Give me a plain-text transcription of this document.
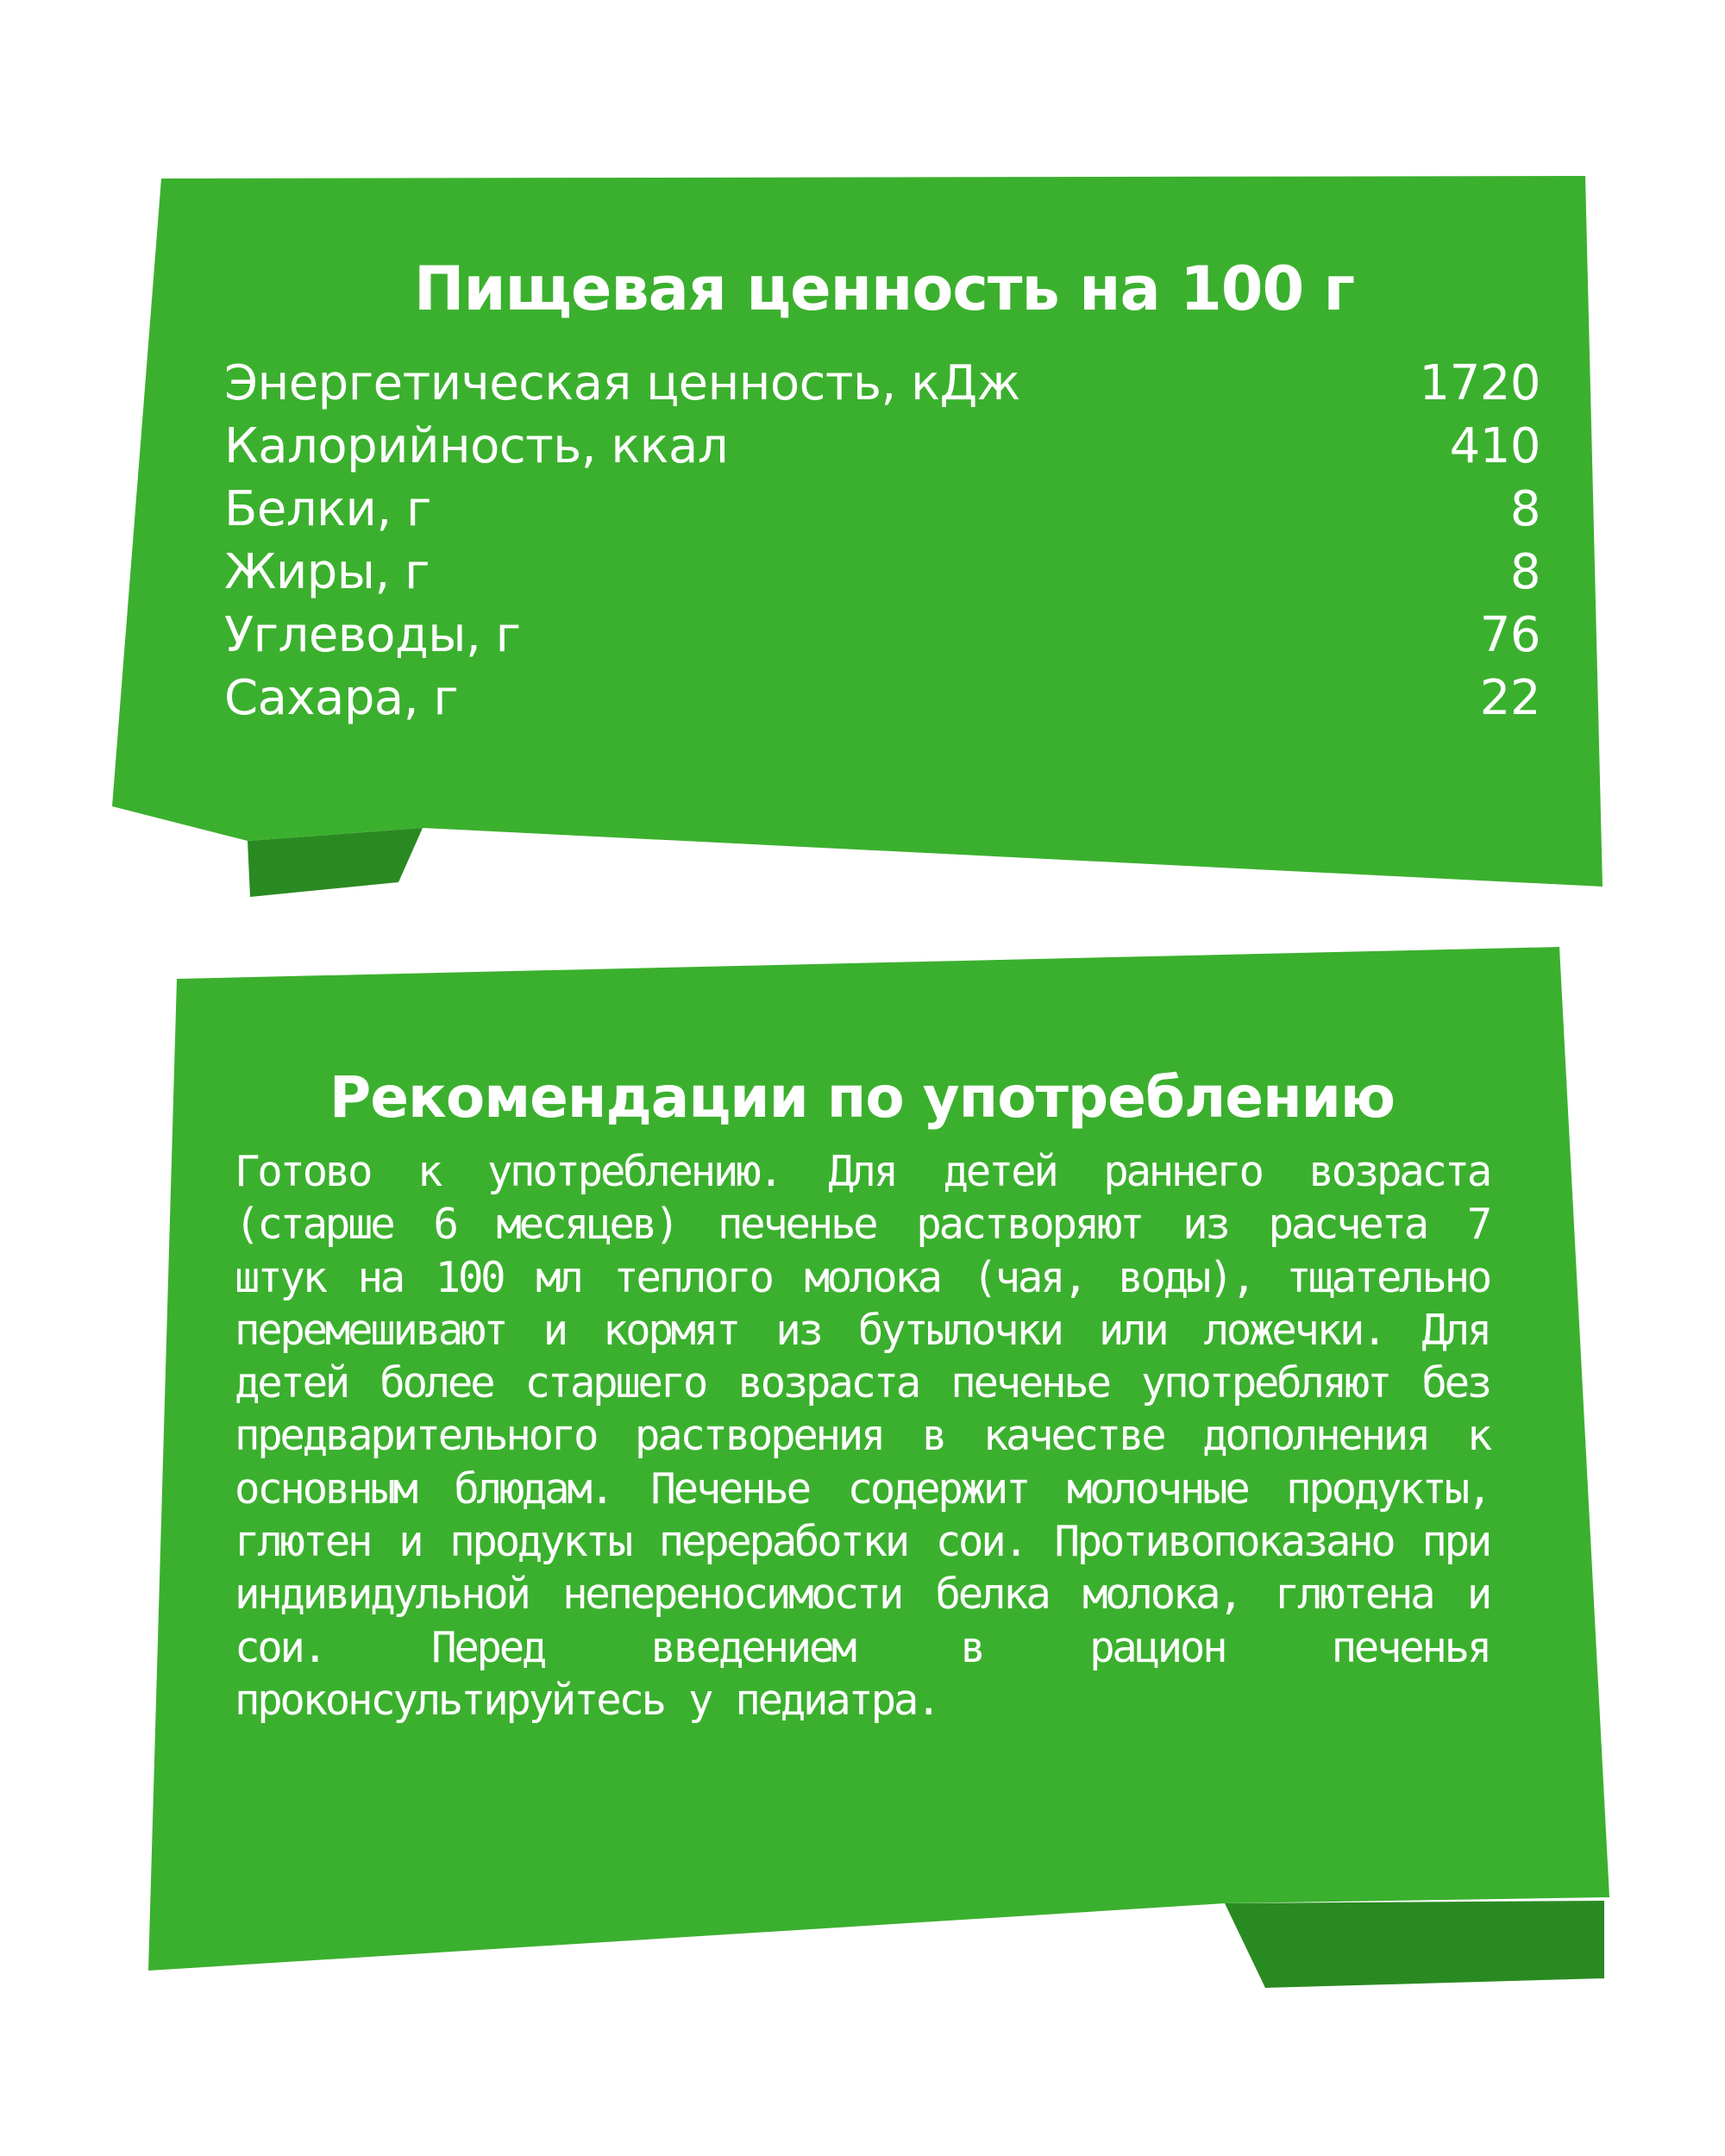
Пищевая ценность на 100 г
Энергетическая ценность, кДж	1720
Калорийность, ккал	410
Белки, г	8
Жиры, г	8
Углеводы, г	76
Сахара, г	22
Рекомендации по употреблению

Готово к употреблению. Для детей раннего возраста (старше 6 месяцев) печенье растворяют из расчета 7 штук на 100 мл теплого молока (чая, воды), тщательно перемешивают и кормят из бутылочки или ложечки. Для детей более старшего возраста печенье употребляют без предварительного растворения в качестве дополнения к основным блюдам. Печенье содержит молочные продукты, глютен и продукты переработки сои. Противопоказано при индивидульной непереносимости белка молока, глютена и сои. Перед введением в рацион печенья проконсультируйтесь у педиатра.
